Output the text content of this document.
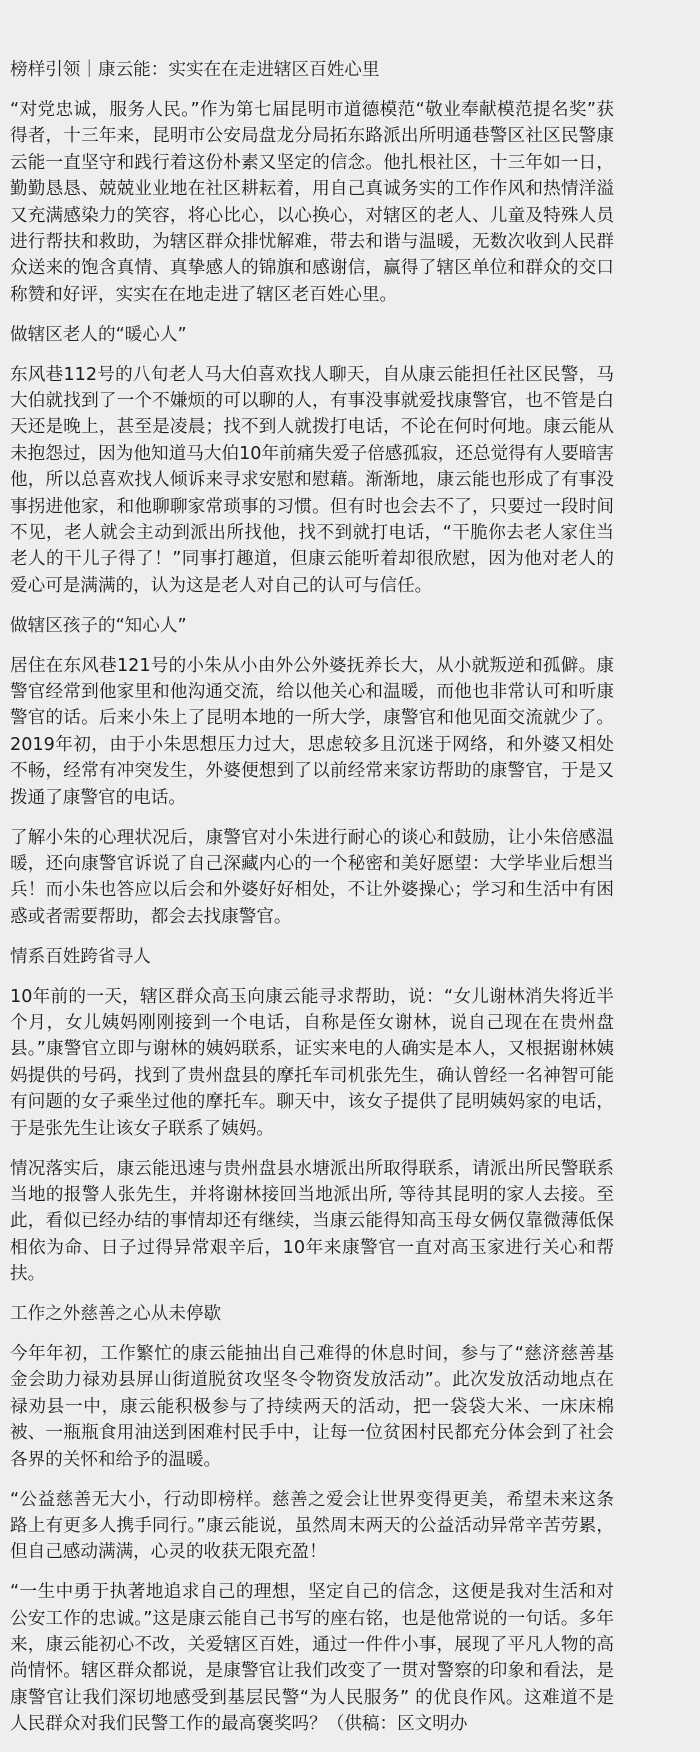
榜样引领｜康云能：实实在在走进辖区百姓心里

“对党忠诚，服务人民。”作为第七届昆明市道德模范“敬业奉献模范提名奖”获得者，十三年来，昆明市公安局盘龙分局拓东路派出所明通巷警区社区民警康云能一直坚守和践行着这份朴素又坚定的信念。他扎根社区，十三年如一日，勤勤恳恳、兢兢业业地在社区耕耘着，用自己真诚务实的工作作风和热情洋溢又充满感染力的笑容，将心比心，以心换心，对辖区的老人、儿童及特殊人员进行帮扶和救助，为辖区群众排忧解难，带去和谐与温暖，无数次收到人民群众送来的饱含真情、真挚感人的锦旗和感谢信，赢得了辖区单位和群众的交口称赞和好评，实实在在地走进了辖区老百姓心里。

做辖区老人的“暖心人”

东风巷112号的八旬老人马大伯喜欢找人聊天，自从康云能担任社区民警，马大伯就找到了一个不嫌烦的可以聊的人，有事没事就爱找康警官，也不管是白天还是晚上，甚至是凌晨；找不到人就拨打电话，不论在何时何地。康云能从未抱怨过，因为他知道马大伯10年前痛失爱子倍感孤寂，还总觉得有人要暗害他，所以总喜欢找人倾诉来寻求安慰和慰藉。渐渐地，康云能也形成了有事没事拐进他家，和他聊聊家常琐事的习惯。但有时也会去不了，只要过一段时间不见，老人就会主动到派出所找他，找不到就打电话，“干脆你去老人家住当老人的干儿子得了！”同事打趣道，但康云能听着却很欣慰，因为他对老人的爱心可是满满的，认为这是老人对自己的认可与信任。

做辖区孩子的“知心人”

居住在东风巷121号的小朱从小由外公外婆抚养长大，从小就叛逆和孤僻。康警官经常到他家里和他沟通交流，给以他关心和温暖，而他也非常认可和听康警官的话。后来小朱上了昆明本地的一所大学，康警官和他见面交流就少了。2019年初，由于小朱思想压力过大，思虑较多且沉迷于网络，和外婆又相处不畅，经常有冲突发生，外婆便想到了以前经常来家访帮助的康警官，于是又拨通了康警官的电话。

了解小朱的心理状况后，康警官对小朱进行耐心的谈心和鼓励，让小朱倍感温暖，还向康警官诉说了自己深藏内心的一个秘密和美好愿望：大学毕业后想当兵！而小朱也答应以后会和外婆好好相处，不让外婆操心；学习和生活中有困惑或者需要帮助，都会去找康警官。

情系百姓跨省寻人

10年前的一天，辖区群众高玉向康云能寻求帮助，说：“女儿谢林消失将近半个月，女儿姨妈刚刚接到一个电话，自称是侄女谢林，说自己现在在贵州盘县。”康警官立即与谢林的姨妈联系，证实来电的人确实是本人，又根据谢林姨妈提供的号码，找到了贵州盘县的摩托车司机张先生，确认曾经一名神智可能有问题的女子乘坐过他的摩托车。聊天中，该女子提供了昆明姨妈家的电话，于是张先生让该女子联系了姨妈。

情况落实后，康云能迅速与贵州盘县水塘派出所取得联系，请派出所民警联系当地的报警人张先生，并将谢林接回当地派出所, 等待其昆明的家人去接。至此，看似已经办结的事情却还有继续，当康云能得知高玉母女俩仅靠微薄低保相依为命、日子过得异常艰辛后，10年来康警官一直对高玉家进行关心和帮扶。

工作之外慈善之心从未停歇

今年年初，工作繁忙的康云能抽出自己难得的休息时间，参与了“慈济慈善基金会助力禄劝县屏山街道脱贫攻坚冬令物资发放活动”。此次发放活动地点在禄劝县一中，康云能积极参与了持续两天的活动，把一袋袋大米、一床床棉被、一瓶瓶食用油送到困难村民手中，让每一位贫困村民都充分体会到了社会各界的关怀和给予的温暖。

“公益慈善无大小，行动即榜样。慈善之爱会让世界变得更美，希望未来这条路上有更多人携手同行。”康云能说，虽然周末两天的公益活动异常辛苦劳累，但自己感动满满，心灵的收获无限充盈！

“一生中勇于执著地追求自己的理想，坚定自己的信念，这便是我对生活和对公安工作的忠诚。”这是康云能自己书写的座右铭，也是他常说的一句话。多年来，康云能初心不改，关爱辖区百姓，通过一件件小事，展现了平凡人物的高尚情怀。辖区群众都说，是康警官让我们改变了一贯对警察的印象和看法，是康警官让我们深切地感受到基层民警“为人民服务” 的优良作风。这难道不是人民群众对我们民警工作的最高褒奖吗？（供稿：区文明办
